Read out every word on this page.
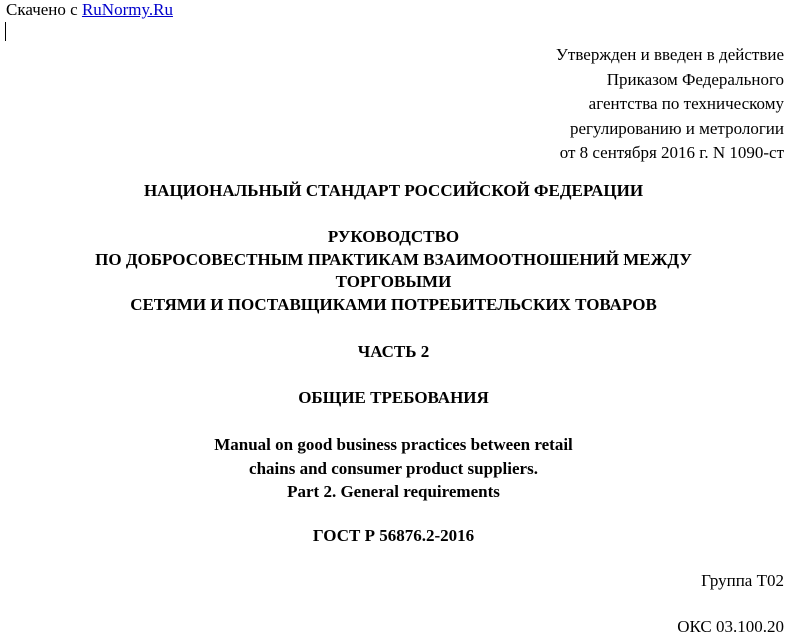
Скачено с RuNormy.Ru
Утвержден и введен в действие
Приказом Федерального
агентства по техническому
регулированию и метрологии
от 8 сентября 2016 г. N 1090-ст
НАЦИОНАЛЬНЫЙ СТАНДАРТ РОССИЙСКОЙ ФЕДЕРАЦИИ
РУКОВОДСТВО
ПО ДОБРОСОВЕСТНЫМ ПРАКТИКАМ ВЗАИМООТНОШЕНИЙ МЕЖДУ
ТОРГОВЫМИ
СЕТЯМИ И ПОСТАВЩИКАМИ ПОТРЕБИТЕЛЬСКИХ ТОВАРОВ
ЧАСТЬ 2
ОБЩИЕ ТРЕБОВАНИЯ
Manual on good business practices between retail
chains and consumer product suppliers.
Part 2. General requirements
ГОСТ Р 56876.2-2016
Группа Т02
ОКС 03.100.20
